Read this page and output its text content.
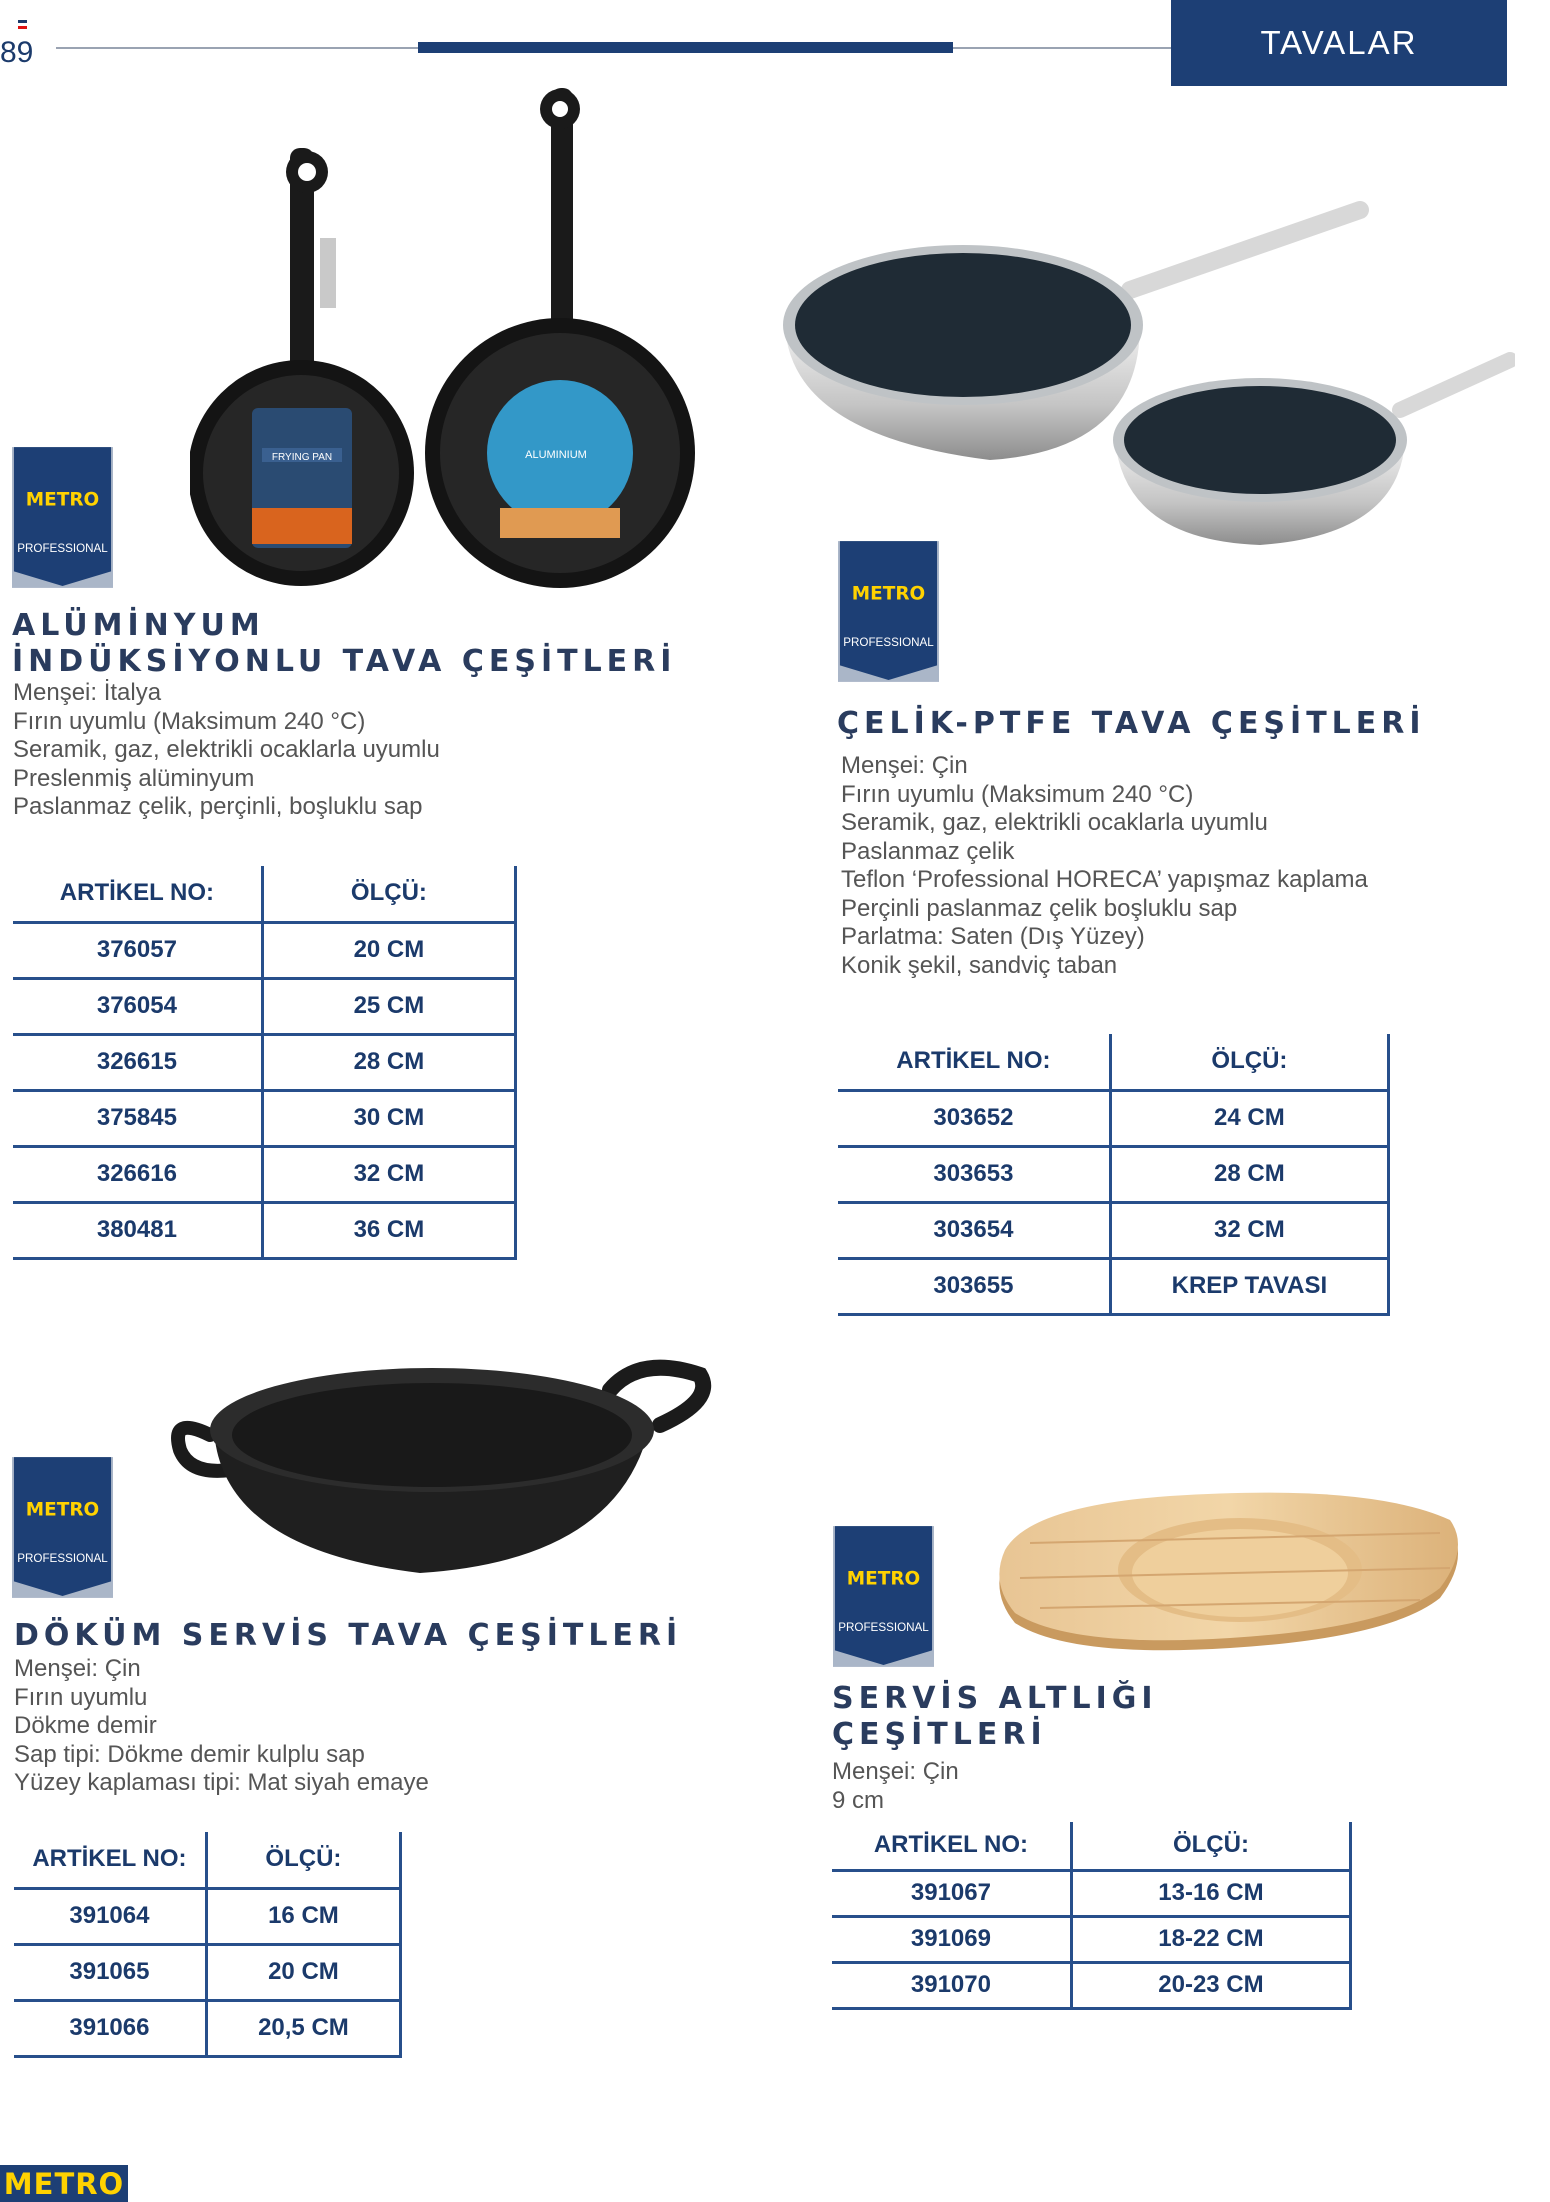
89	TAVALAR
FRYING PAN	ALUMINIUM
METRO
PROFESSIONAL
ALÜMİNYUM
İNDÜKSİYONLU TAVA ÇEŞİTLERİ
Menşei: İtalya
Fırın uyumlu (Maksimum 240 °C)
Seramik, gaz, elektrikli ocaklarla uyumlu
Preslenmiş alüminyum
Paslanmaz çelik, perçinli, boşluklu sap
ARTİKEL NO:	ÖLÇÜ:
376057	20 CM
376054	25 CM
326615	28 CM
375845	30 CM
326616	32 CM
380481	36 CM
METRO
PROFESSIONAL
ÇELİK-PTFE TAVA ÇEŞİTLERİ
Menşei: Çin
Fırın uyumlu (Maksimum 240 °C)
Seramik, gaz, elektrikli ocaklarla uyumlu
Paslanmaz çelik
Teflon ‘Professional HORECA’ yapışmaz kaplama
Perçinli paslanmaz çelik boşluklu sap
Parlatma: Saten (Dış Yüzey)
Konik şekil, sandviç taban
ARTİKEL NO:	ÖLÇÜ:
303652	24 CM
303653	28 CM
303654	32 CM
303655	KREP TAVASI
METRO
PROFESSIONAL
DÖKÜM SERVİS TAVA ÇEŞİTLERİ
Menşei: Çin
Fırın uyumlu
Dökme demir
Sap tipi: Dökme demir kulplu sap
Yüzey kaplaması tipi: Mat siyah emaye
ARTİKEL NO:	ÖLÇÜ:
391064	16 CM
391065	20 CM
391066	20,5 CM
METRO
PROFESSIONAL
SERVİS ALTLIĞI
ÇEŞİTLERİ
Menşei: Çin
9 cm
ARTİKEL NO:	ÖLÇÜ:
391067	13-16 CM
391069	18-22 CM
391070	20-23 CM
METRO
